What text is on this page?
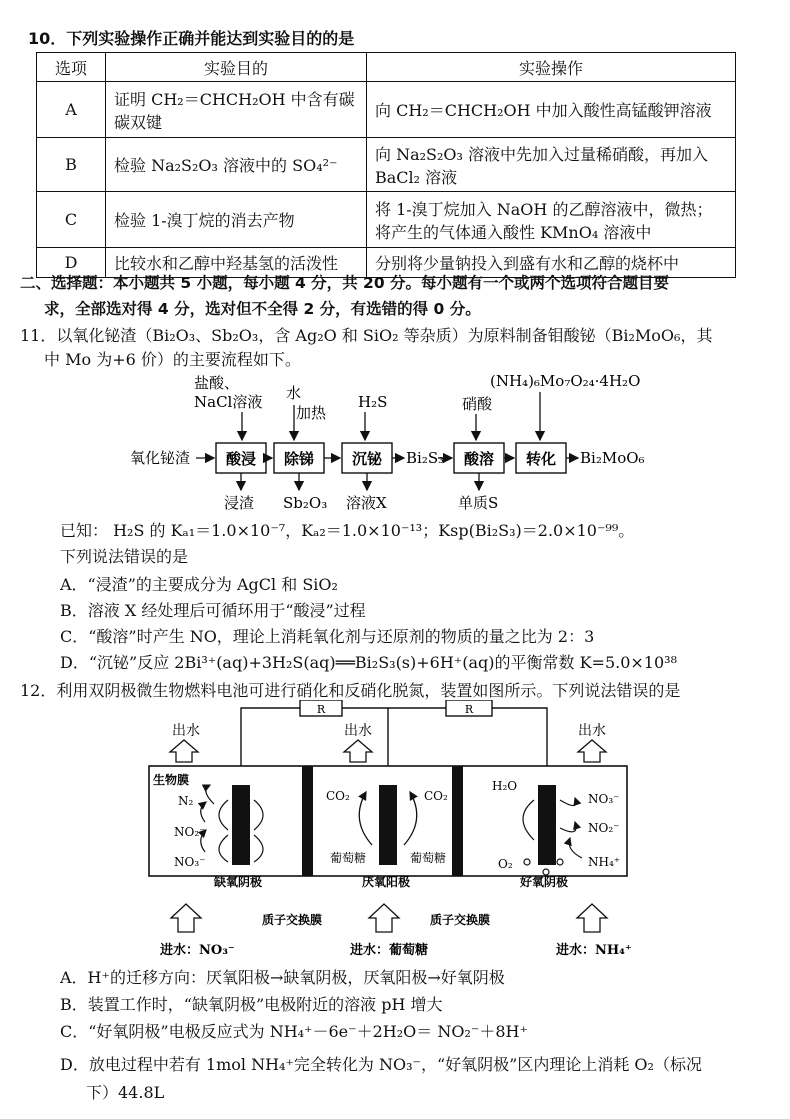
10．下列实验操作正确并能达到实验目的的是
选项	实验目的	实验操作
A	证明 CH₂＝CHCH₂OH 中含有碳碳双键	向 CH₂＝CHCH₂OH 中加入酸性高锰酸钾溶液
B	检验 Na₂S₂O₃ 溶液中的 SO₄²⁻	向 Na₂S₂O₃ 溶液中先加入过量稀硝酸，再加入 BaCl₂ 溶液
C	检验 1-溴丁烷的消去产物	将 1-溴丁烷加入 NaOH 的乙醇溶液中，微热；将产生的气体通入酸性 KMnO₄ 溶液中
D	比较水和乙醇中羟基氢的活泼性	分别将少量钠投入到盛有水和乙醇的烧杯中
二、选择题：本小题共 5 小题，每小题 4 分，共 20 分。每小题有一个或两个选项符合题目要
求，全部选对得 4 分，选对但不全得 2 分，有选错的得 0 分。
11．以氧化铋渣（Bi₂O₃、Sb₂O₃，含 Ag₂O 和 SiO₂ 等杂质）为原料制备钼酸铋（Bi₂MoO₆，其
中 Mo 为+6 价）的主要流程如下。
盐酸、
NaCl溶液 水
加热
H₂S	硝酸
(NH₄)₆Mo₇O₂₄·4H₂O
氧化铋渣 酸浸 除锑	沉铋 Bi₂S₃ 酸溶 转化 Bi₂MoO₆
浸渣 Sb₂O₃ 溶液X	单质S
已知： H₂S 的 Kₐ₁＝1.0×10⁻⁷，Kₐ₂＝1.0×10⁻¹³；Ksp(Bi₂S₃)＝2.0×10⁻⁹⁹。
下列说法错误的是
A．“浸渣”的主要成分为 AgCl 和 SiO₂
B．溶液 X 经处理后可循环用于“酸浸”过程
C．“酸溶”时产生 NO，理论上消耗氧化剂与还原剂的物质的量之比为 2：3
D．“沉铋”反应 2Bi³⁺(aq)+3H₂S(aq)══Bi₂S₃(s)+6H⁺(aq)的平衡常数 K=5.0×10³⁸
12．利用双阴极微生物燃料电池可进行硝化和反硝化脱氮，装置如图所示。下列说法错误的是
R	R
出水	出水	出水
生物膜
N₂
NO₂⁻
NO₃⁻
CO₂	CO₂
葡萄糖	葡萄糖
H₂O
O₂
NO₃⁻
NO₂⁻
NH₄⁺
缺氧阴极	厌氧阳极	好氧阴极
质子交换膜	质子交换膜
进水：NO₃⁻	进水：葡萄糖	进水：NH₄⁺
A．H⁺的迁移方向：厌氧阳极→缺氧阴极，厌氧阳极→好氧阴极
B．装置工作时，“缺氧阴极”电极附近的溶液 pH 增大
C．“好氧阴极”电极反应式为 NH₄⁺－6e⁻＋2H₂O＝ NO₂⁻＋8H⁺
D．放电过程中若有 1mol NH₄⁺完全转化为 NO₃⁻，“好氧阴极”区内理论上消耗 O₂（标况
下）44.8L
